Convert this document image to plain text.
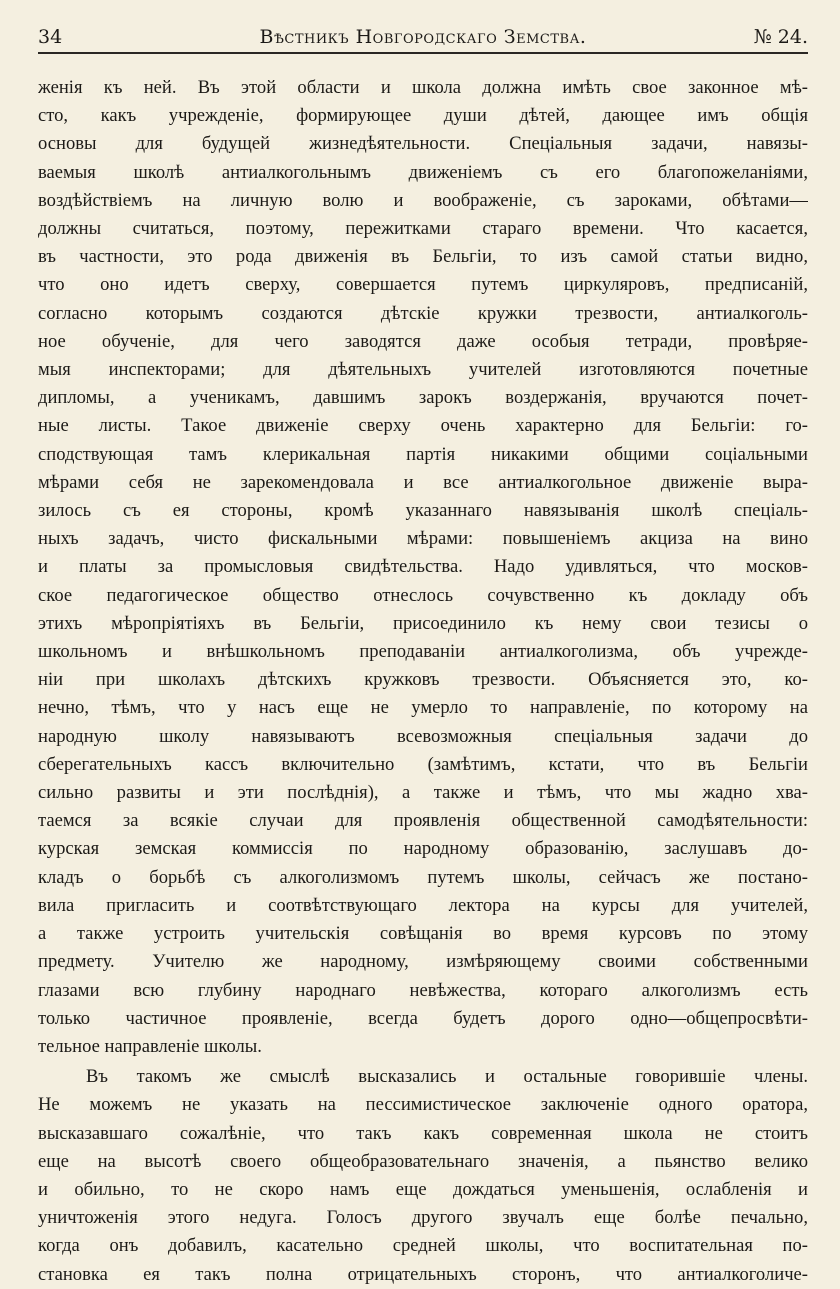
34	Вѣстникъ Новгородскаго Земства.	№ 24.
женія къ ней. Въ этой области и школа должна имѣть свое законное мѣ-
сто, какъ учрежденіе, формирующее души дѣтей, дающее имъ общія
основы для будущей жизнедѣятельности. Спеціальныя задачи, навязы-
ваемыя школѣ антиалкогольнымъ движеніемъ съ его благопожеланіями,
воздѣйствіемъ на личную волю и воображеніе, съ зароками, обѣтами—
должны считаться, поэтому, пережитками стараго времени. Что касается,
въ частности, это рода движенія въ Бельгіи, то изъ самой статьи видно,
что оно идетъ сверху, совершается путемъ циркуляровъ, предписаній,
согласно которымъ создаются дѣтскіе кружки трезвости, антиалкоголь-
ное обученіе, для чего заводятся даже особыя тетради, провѣряе-
мыя инспекторами; для дѣятельныхъ учителей изготовляются почетные
дипломы, а ученикамъ, давшимъ зарокъ воздержанія, вручаются почет-
ные листы. Такое движеніе сверху очень характерно для Бельгіи: го-
сподствующая тамъ клерикальная партія никакими общими соціальными
мѣрами себя не зарекомендовала и все антиалкогольное движеніе выра-
зилось съ ея стороны, кромѣ указаннаго навязыванія школѣ спеціаль-
ныхъ задачъ, чисто фискальными мѣрами: повышеніемъ акциза на вино
и платы за промысловыя свидѣтельства. Надо удивляться, что москов-
ское педагогическое общество отнеслось сочувственно къ докладу объ
этихъ мѣропріятіяхъ въ Бельгіи, присоединило къ нему свои тезисы о
школьномъ и внѣшкольномъ преподаваніи антиалкоголизма, объ учрежде-
ніи при школахъ дѣтскихъ кружковъ трезвости. Объясняется это, ко-
нечно, тѣмъ, что у насъ еще не умерло то направленіе, по которому на
народную школу навязываютъ всевозможныя спеціальныя задачи до
сберегательныхъ кассъ включительно (замѣтимъ, кстати, что въ Бельгіи
сильно развиты и эти послѣднія), а также и тѣмъ, что мы жадно хва-
таемся за всякіе случаи для проявленія общественной самодѣятельности:
курская земская коммиссія по народному образованію, заслушавъ до-
кладъ о борьбѣ съ алкоголизмомъ путемъ школы, сейчасъ же постано-
вила пригласить и соотвѣтствующаго лектора на курсы для учителей,
а также устроить учительскія совѣщанія во время курсовъ по этому
предмету. Учителю же народному, измѣряющему своими собственными
глазами всю глубину народнаго невѣжества, котораго алкоголизмъ есть
только частичное проявленіе, всегда будетъ дорого одно—общепросвѣти-
тельное направленіе школы.
Въ такомъ же смыслѣ высказались и остальные говорившіе члены.
Не можемъ не указать на пессимистическое заключеніе одного оратора,
высказавшаго сожалѣніе, что такъ какъ современная школа не стоитъ
еще на высотѣ своего общеобразовательнаго значенія, а пьянство велико
и обильно, то не скоро намъ еще дождаться уменьшенія, ослабленія и
уничтоженія этого недуга. Голосъ другого звучалъ еще болѣе печально,
когда онъ добавилъ, касательно средней школы, что воспитательная по-
становка ея такъ полна отрицательныхъ сторонъ, что антиалкоголиче-
